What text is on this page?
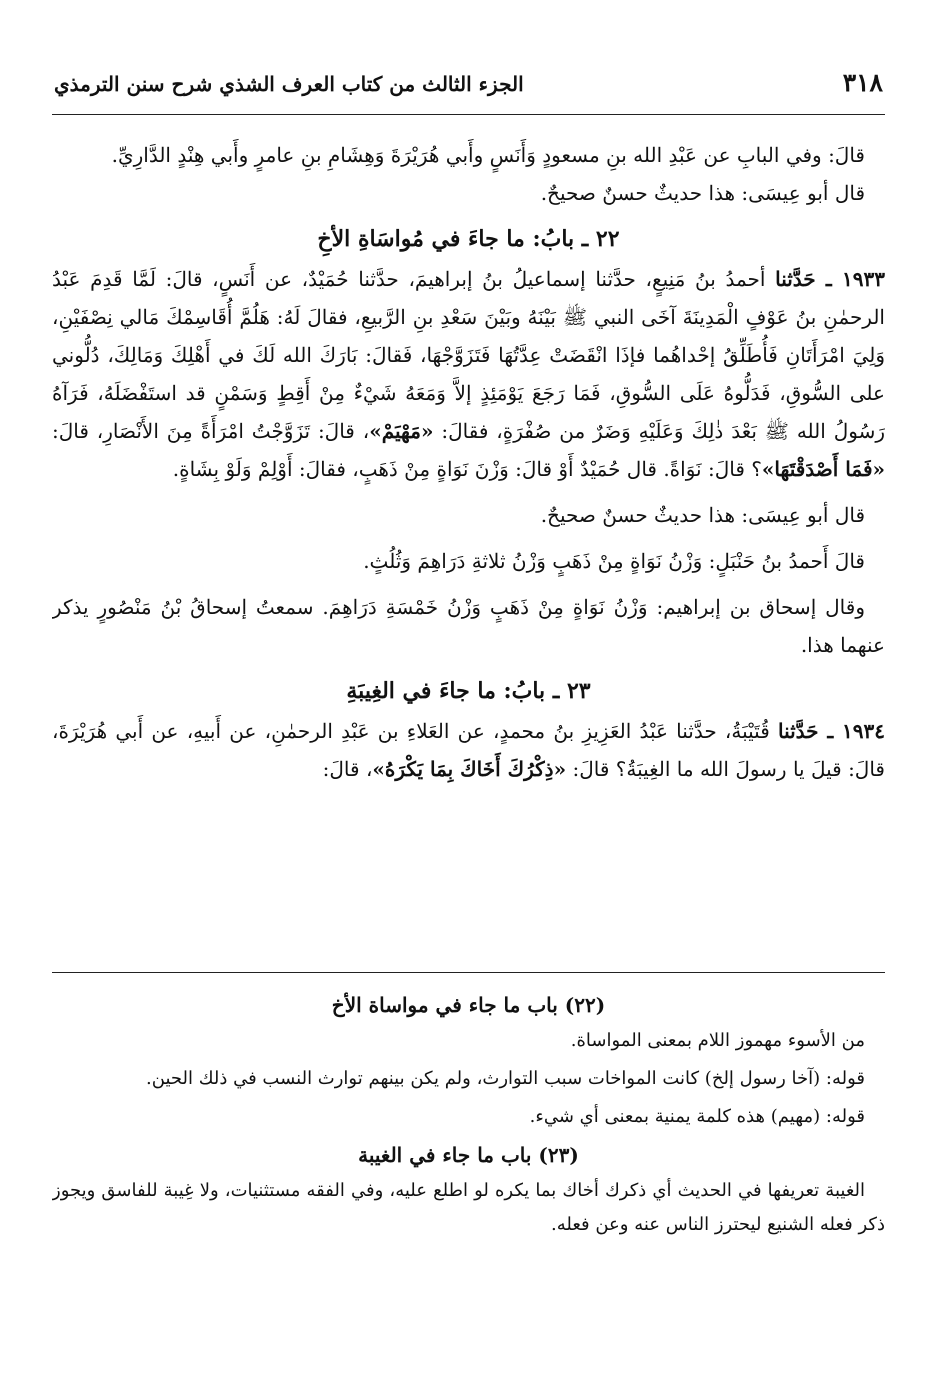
٣١٨
الجزء الثالث من كتاب العرف الشذي شرح سنن الترمذي

قالَ: وفي البابِ عن عَبْدِ الله بنِ مسعودٍ وَأَنَسٍ وأَبي هُرَيْرَةَ وَهِشَامِ بنِ عامرٍ وأَبي هِنْدٍ الدَّارِيِّ.

قال أبو عِيسَى: هذا حديثٌ حسنٌ صحيحٌ.

٢٢ ـ بابُ: ما جاءَ في مُواسَاةِ الأخِ

١٩٣٣ ـ حَدَّثنا أحمدُ بنُ مَنِيعٍ، حدَّثنا إسماعيلُ بنُ إبراهيمَ، حدَّثنا حُمَيْدٌ، عن أَنَسٍ، قالَ: لَمَّا قَدِمَ عَبْدُ الرحمٰنِ بنُ عَوْفٍ الْمَدِينَةَ آخَى النبي ﷺ بَيْنَهُ وبَيْنَ سَعْدِ بنِ الرَّبيعِ، فقالَ لَهُ: هَلُمَّ أُقَاسِمْكَ مَالي نِصْفَيْنِ، وَلِيَ امْرَأَتَانِ فَأُطَلِّقُ إحْداهُما فإذَا انْقَضَتْ عِدَّتُهَا فَتَزَوَّجْهَا، فَقالَ: بَارَكَ الله لَكَ في أَهْلِكَ وَمَالِكَ، دُلُّوني على السُّوقِ، فَدَلُّوهُ عَلَى السُّوقِ، فَمَا رَجَعَ يَوْمَئِذٍ إلاَّ وَمَعَهُ شَيْءٌ مِنْ أَقِطٍ وَسَمْنٍ قد استَفْضَلَهُ، فَرَآهُ رَسُولُ الله ﷺ بَعْدَ ذٰلِكَ وَعَلَيْهِ وَضَرٌ من صُفْرَةٍ، فقالَ: «مَهْيَمْ»، قالَ: تَزَوَّجْتُ امْرَأَةً مِنَ الأَنْصَارِ، قالَ: «فَمَا أَصْدَقْتَهَا»؟ قالَ: نَوَاةً. قال حُمَيْدٌ أَوْ قالَ: وَزْنَ نَوَاةٍ مِنْ ذَهَبٍ، فقالَ: أَوْلِمْ وَلَوْ بِشَاةٍ.

قال أبو عِيسَى: هذا حديثٌ حسنٌ صحيحٌ.

قالَ أَحمدُ بنُ حَنْبَلٍ: وَزْنُ نَوَاةٍ مِنْ ذَهَبٍ وَزْنُ ثلاثةِ دَرَاهِمَ وَثُلُثٍ.

وقال إسحاق بن إبراهيم: وَزْنُ نَوَاةٍ مِنْ ذَهَبٍ وَزْنُ خَمْسَةِ دَرَاهِمَ. سمعتُ إسحاقُ بْنُ مَنْصُورٍ يذكر عنهما هذا.

٢٣ ـ بابُ: ما جاءَ في الغِيبَةِ

١٩٣٤ ـ حَدَّثنا قُتَيْبَةُ، حدَّثنا عَبْدُ العَزِيزِ بنُ محمدٍ، عن العَلاءِ بن عَبْدِ الرحمٰنِ، عن أَبيهِ، عن أَبي هُرَيْرَةَ، قالَ: قيلَ يا رسولَ الله ما الغِيبَةُ؟ قالَ: «ذِكْرُكَ أَخَاكَ بِمَا يَكْرَهُ»، قالَ:

(٢٢) باب ما جاء في مواساة الأخ

من الأسوء مهموز اللام بمعنى المواساة.

قوله: (آخا رسول إلخ) كانت المواخات سبب التوارث، ولم يكن بينهم توارث النسب في ذلك الحين.

قوله: (مهيم) هذه كلمة يمنية بمعنى أي شيء.

(٢٣) باب ما جاء في الغيبة

الغيبة تعريفها في الحديث أي ذكرك أخاك بما يكره لو اطلع عليه، وفي الفقه مستثنيات، ولا غِيبة للفاسق ويجوز ذكر فعله الشنيع ليحترز الناس عنه وعن فعله.
